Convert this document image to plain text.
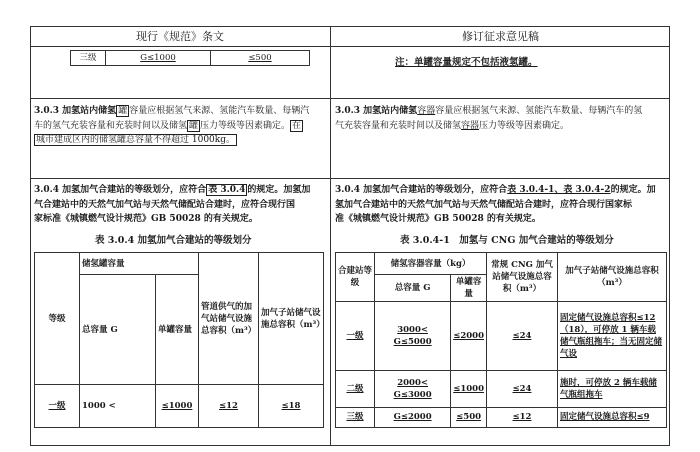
现行《规范》条文	修订征求意见稿
三级	G≤1000	≤500	注：单罐容量规定不包括液氢罐。
3.0.3 加氢站内储氢 罐 容量应根据氢气来源、氢能汽车数量、每辆汽
车的氢气充装容量和充装时间以及储氢 罐 压力等级等因素确定。 在
城市建成区内的储氢罐总容量不得超过 1000kg。
3.0.3 加氢站内储氢容器容量应根据氢气来源、氢能汽车数量、每辆汽车的氢
气充装容量和充装时间以及储氢容器压力等级等因素确定。
3.0.4 加氢加气合建站的等级划分，应符合 表 3.0.4 的规定。加氢加
气合建站中的天然气加气站与天然气储配站合建时，应符合现行国
家标准《城镇燃气设计规范》GB 50028 的有关规定。
表 3.0.4 加氢加气合建站的等级划分
等级	储氢罐容量		管道供气的加气站储气设施总容积（m³）	加气子站储气设施总容积（m³）
	总容量 G	单罐容量		
一级	1000 <	≤1000	≤12	≤18
3.0.4 加氢加气合建站的等级划分，应符合表 3.0.4-1、表 3.0.4-2的规定。加
氢加气合建站中的天然气加气站与天然气储配站合建时，应符合现行国家标
准《城镇燃气设计规范》GB 50028 的有关规定。
表 3.0.4-1　加氢与 CNG 加气合建站的等级划分
合建站等级	储氢容器容量（kg）		常规 CNG 加气站储气设施总容积（m³）	加气子站储气设施总容积（m³）
	总容量 G	单罐容量		
一级	3000< G≤5000	≤2000	≤24	固定储气设施总容积≤12（18），可停放 1 辆车载储气瓶组拖车；当无固定储气设
二级	2000< G≤3000	≤1000	≤24	施时，可停放 2 辆车载储气瓶组拖车
三级	G≤2000	≤500	≤12	固定储气设施总容积≤9
